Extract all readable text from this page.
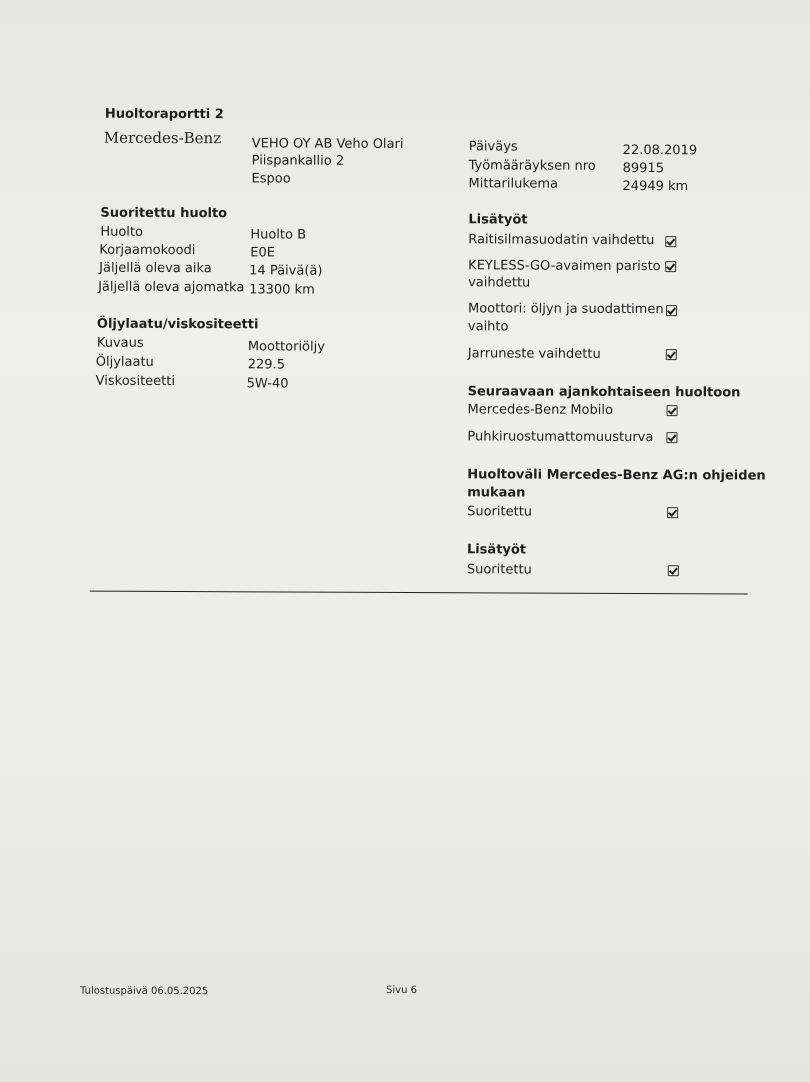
Huoltoraportti 2
Mercedes-Benz VEHO OY AB Veho Olari
Piispankallio 2
Espoo
Päiväys	22.08.2019
Työmääräyksen nro 89915
Mittarilukema	24949 km
Suoritettu huolto
Huolto	Huolto B
Korjaamokoodi	E0E
Jäljellä oleva aika	14 Päivä(ä)
Jäljellä oleva ajomatka 13300 km
Öljylaatu/viskositeetti
Kuvaus	Moottoriöljy
Öljylaatu	229.5
Viskositeetti	5W-40
Lisätyöt
Raitisilmasuodatin vaihdettu
KEYLESS-GO-avaimen paristo
vaihdettu
Moottori: öljyn ja suodattimen
vaihto
Jarruneste vaihdettu
Seuraavaan ajankohtaiseen huoltoon
Mercedes-Benz Mobilo
Puhkiruostumattomuusturva
Huoltoväli Mercedes-Benz AG:n ohjeiden
mukaan
Suoritettu
Lisätyöt
Suoritettu
Tulostuspäivä 06.05.2025	Sivu 6
